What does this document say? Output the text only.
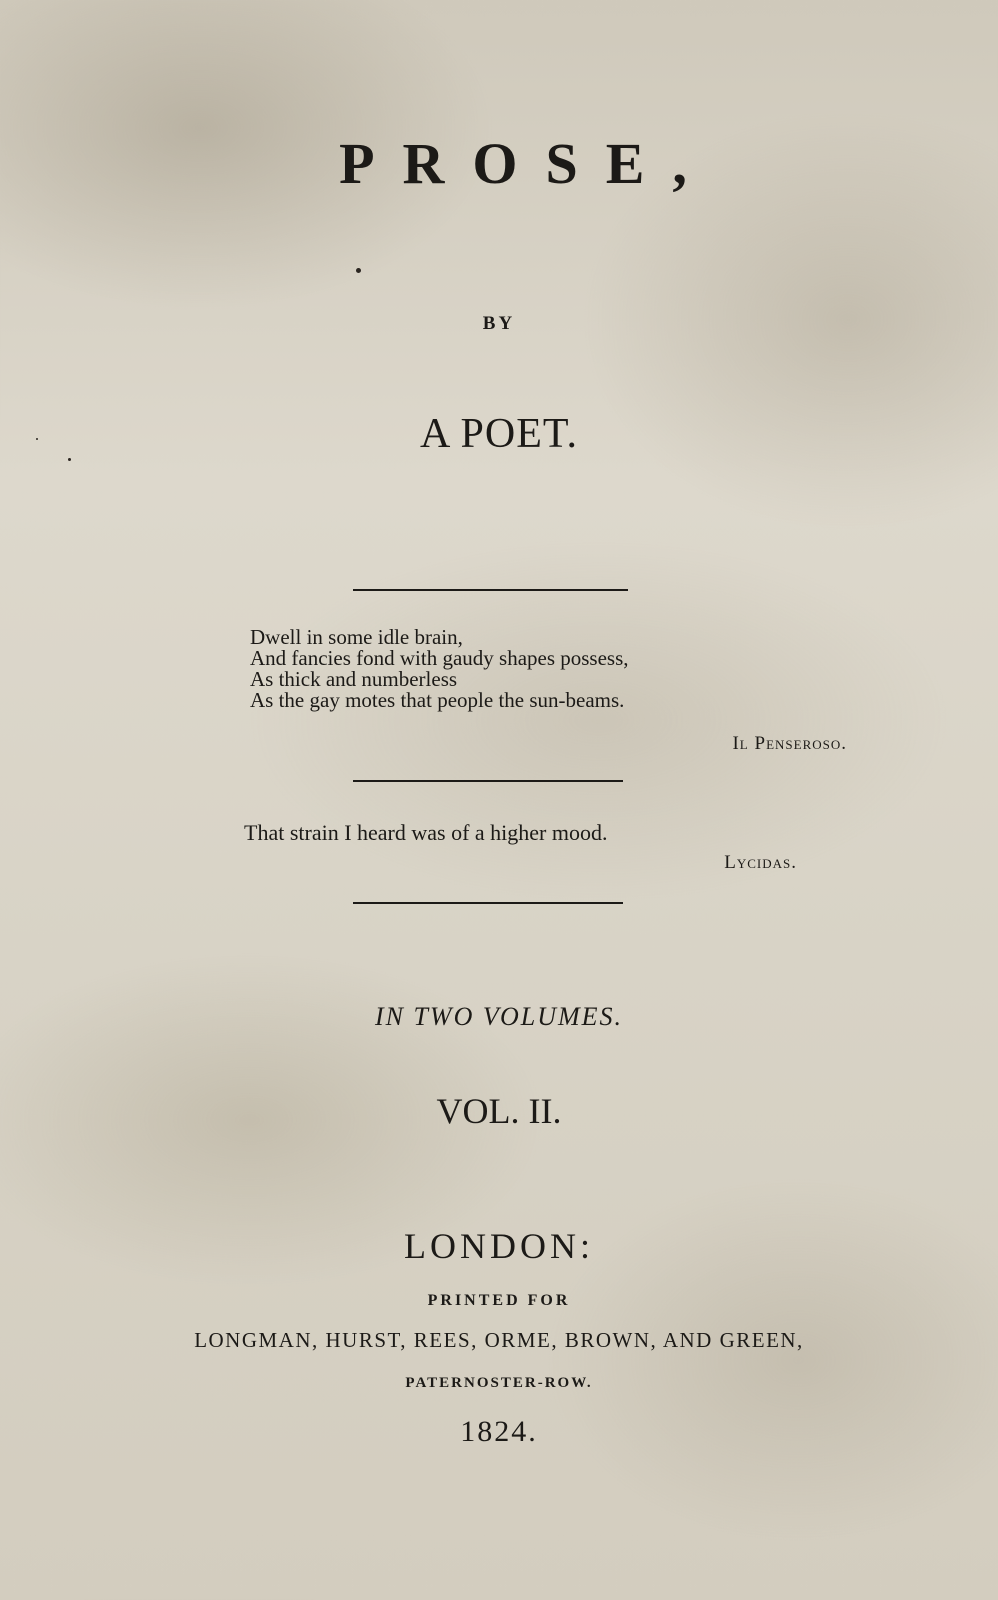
PROSE,
BY
A POET.
Dwell in some idle brain,
And fancies fond with gaudy shapes possess,
As thick and numberless
As the gay motes that people the sun-beams.
Il Penseroso.
That strain I heard was of a higher mood.
Lycidas.
IN TWO VOLUMES.
VOL. II.
LONDON:
PRINTED FOR
LONGMAN, HURST, REES, ORME, BROWN, AND GREEN,
PATERNOSTER-ROW.
1824.
